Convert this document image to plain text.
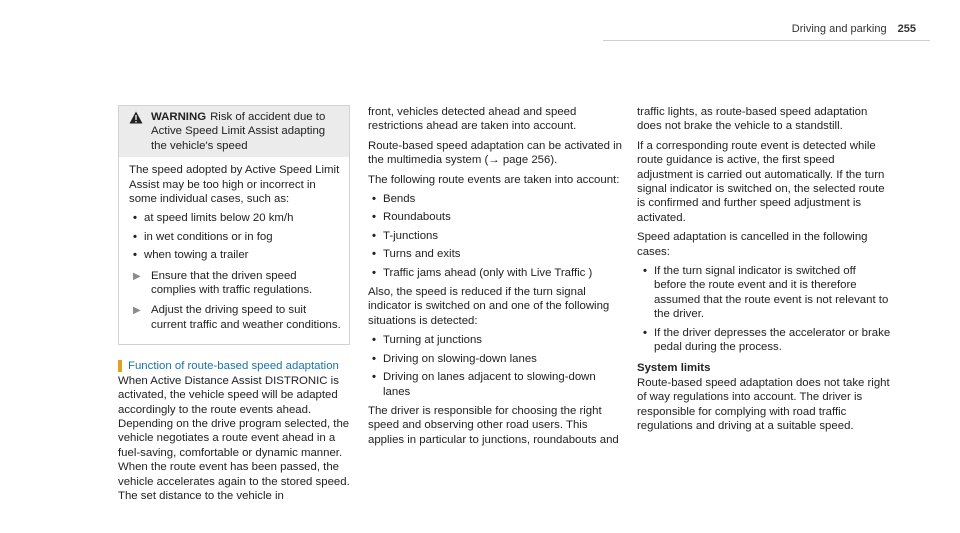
Driving and parking 255
WARNING Risk of accident due to Active Speed Limit Assist adapting the vehicle's speed

The speed adopted by Active Speed Limit Assist may be too high or incorrect in some individual cases, such as:

• at speed limits below 20 km/h
• in wet conditions or in fog
• when towing a trailer
▶ Ensure that the driven speed complies with traffic regulations.
▶ Adjust the driving speed to suit current traffic and weather conditions.
Function of route-based speed adaptation

When Active Distance Assist DISTRONIC is activated, the vehicle speed will be adapted accordingly to the route events ahead. Depending on the drive program selected, the vehicle negotiates a route event ahead in a fuel-saving, comfortable or dynamic manner. When the route event has been passed, the vehicle accelerates again to the stored speed. The set distance to the vehicle in

front, vehicles detected ahead and speed restrictions ahead are taken into account.

Route-based speed adaptation can be activated in the multimedia system (→ page 256).

The following route events are taken into account:

• Bends
• Roundabouts
• T-junctions
• Turns and exits
• Traffic jams ahead (only with Live Traffic )

Also, the speed is reduced if the turn signal indicator is switched on and one of the following situations is detected:

• Turning at junctions
• Driving on slowing-down lanes
• Driving on lanes adjacent to slowing-down lanes

The driver is responsible for choosing the right speed and observing other road users. This applies in particular to junctions, roundabouts and

traffic lights, as route-based speed adaptation does not brake the vehicle to a standstill.

If a corresponding route event is detected while route guidance is active, the first speed adjustment is carried out automatically. If the turn signal indicator is switched on, the selected route is confirmed and further speed adjustment is activated.

Speed adaptation is cancelled in the following cases:

• If the turn signal indicator is switched off before the route event and it is therefore assumed that the route event is not relevant to the driver.
• If the driver depresses the accelerator or brake pedal during the process.
System limits

Route-based speed adaptation does not take right of way regulations into account. The driver is responsible for complying with road traffic regulations and driving at a suitable speed.
